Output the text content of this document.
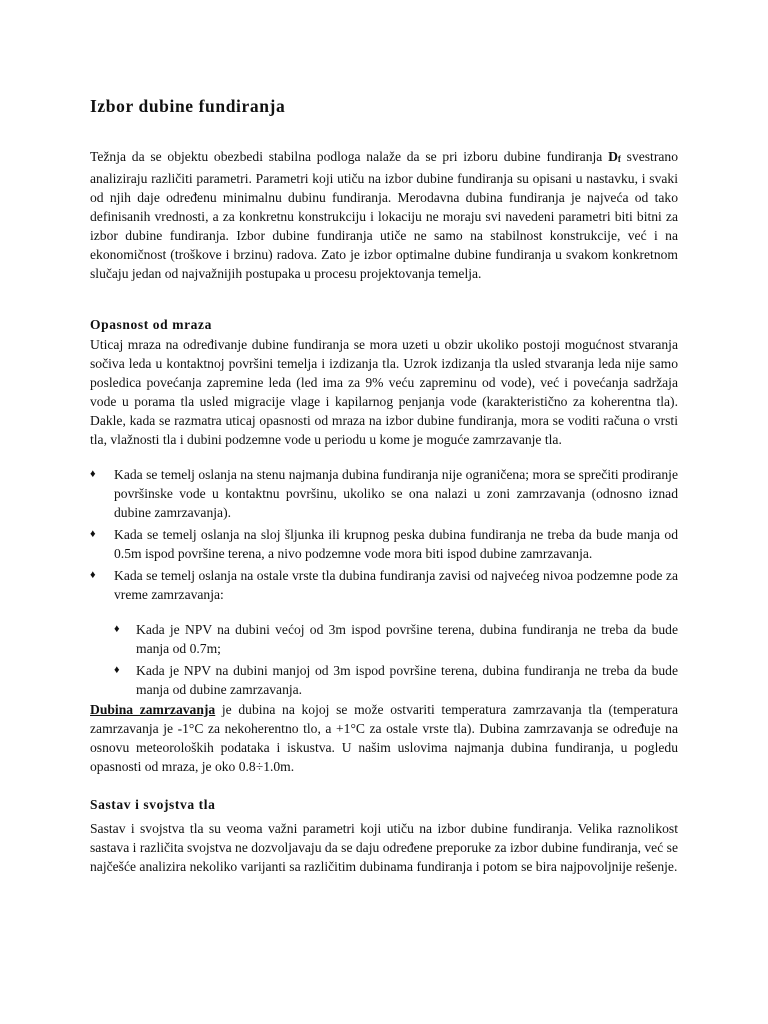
Izbor dubine fundiranja

Težnja da se objektu obezbedi stabilna podloga nalaže da se pri izboru dubine fundiranja $D_f$ svestrano analiziraju različiti parametri. Parametri koji utiču na izbor dubine fundiranja su opisani u nastavku, i svaki od njih daje određenu minimalnu dubinu fundiranja. Merodavna dubina fundiranja je najveća od tako definisanih vrednosti, a za konkretnu konstrukciju i lokaciju ne moraju svi navedeni parametri biti bitni za izbor dubine fundiranja. Izbor dubine fundiranja utiče ne samo na stabilnost konstrukcije, već i na ekonomičnost (troškove i brzinu) radova. Zato je izbor optimalne dubine fundiranja u svakom konkretnom slučaju jedan od najvažnijih postupaka u procesu projektovanja temelja.

Opasnost od mraza

Uticaj mraza na određivanje dubine fundiranja se mora uzeti u obzir ukoliko postoji mogućnost stvaranja sočiva leda u kontaktnoj površini temelja i izdizanja tla. Uzrok izdizanja tla usled stvaranja leda nije samo posledica povećanja zapremine leda (led ima za 9% veću zapreminu od vode), već i povećanja sadržaja vode u porama tla usled migracije vlage i kapilarnog penjanja vode (karakteristično za koherentna tla). Dakle, kada se razmatra uticaj opasnosti od mraza na izbor dubine fundiranja, mora se voditi računa o vrsti tla, vlažnosti tla i dubini podzemne vode u periodu u kome je moguće zamrzavanje tla.

♦ Kada se temelj oslanja na stenu najmanja dubina fundiranja nije ograničena; mora se sprečiti prodiranje površinske vode u kontaktnu površinu, ukoliko se ona nalazi u zoni zamrzavanja (odnosno iznad dubine zamrzavanja).
♦ Kada se temelj oslanja na sloj šljunka ili krupnog peska dubina fundiranja ne treba da bude manja od 0.5m ispod površine terena, a nivo podzemne vode mora biti ispod dubine zamrzavanja.
♦ Kada se temelj oslanja na ostale vrste tla dubina fundiranja zavisi od najvećeg nivoa podzemne pode za vreme zamrzavanja:
♦ Kada je NPV na dubini većoj od 3m ispod površine terena, dubina fundiranja ne treba da bude manja od 0.7m;
♦ Kada je NPV na dubini manjoj od 3m ispod površine terena, dubina fundiranja ne treba da bude manja od dubine zamrzavanja.

Dubina zamrzavanja je dubina na kojoj se može ostvariti temperatura zamrzavanja tla (temperatura zamrzavanja je -1°C za nekoherentno tlo, a +1°C za ostale vrste tla). Dubina zamrzavanja se određuje na osnovu meteoroloških podataka i iskustva. U našim uslovima najmanja dubina fundiranja, u pogledu opasnosti od mraza, je oko 0.8÷1.0m.

Sastav i svojstva tla

Sastav i svojstva tla su veoma važni parametri koji utiču na izbor dubine fundiranja. Velika raznolikost sastava i različita svojstva ne dozvoljavaju da se daju određene preporuke za izbor dubine fundiranja, već se najčešće analizira nekoliko varijanti sa različitim dubinama fundiranja i potom se bira najpovoljnije rešenje.
